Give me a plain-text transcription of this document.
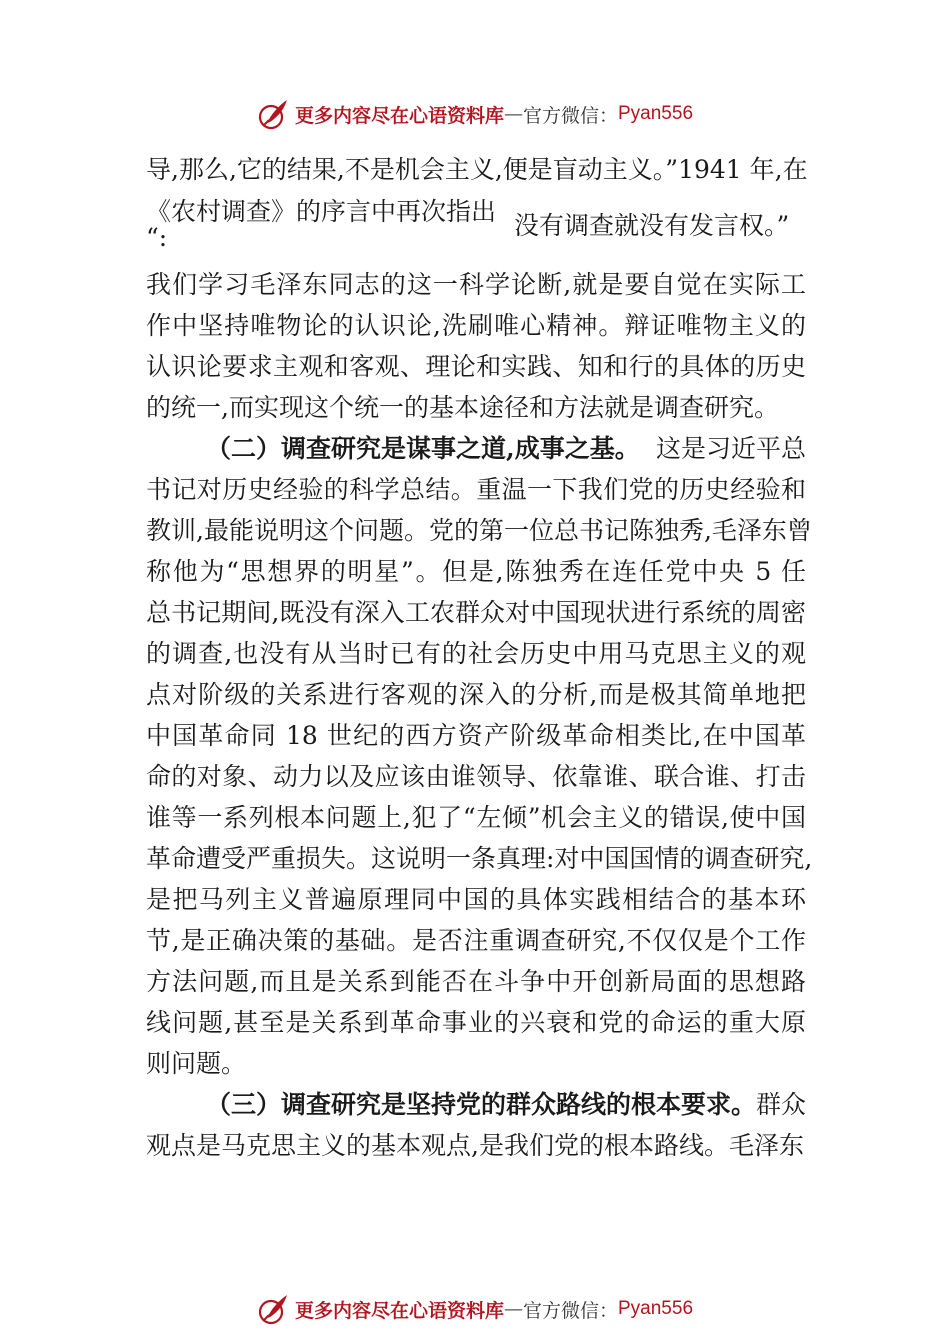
更多内容尽在心语资料库 — 官方微信： Pyan556
导,那么,它的结果,不是机会主义,便是盲动主义。”1941 年,在
《农村调查》的序言中再次指出
“:	没有调查就没有发言权。”
我们学习毛泽东同志的这一科学论断,就是要自觉在实际工
作中坚持唯物论的认识论,洗刷唯心精神。辩证唯物主义的
认识论要求主观和客观、理论和实践、知和行的具体的历史
的统一,而实现这个统一的基本途径和方法就是调查研究。
（二）调查研究是谋事之道,成事之基。 这是习近平总
书记对历史经验的科学总结。重温一下我们党的历史经验和
教训,最能说明这个问题。党的第一位总书记陈独秀,毛泽东曾
称他为“思想界的明星”。但是,陈独秀在连任党中央 5 任
总书记期间,既没有深入工农群众对中国现状进行系统的周密
的调查,也没有从当时已有的社会历史中用马克思主义的观
点对阶级的关系进行客观的深入的分析,而是极其简单地把
中国革命同 18 世纪的西方资产阶级革命相类比,在中国革
命的对象、动力以及应该由谁领导、依靠谁、联合谁、打击
谁等一系列根本问题上,犯了“左倾”机会主义的错误,使中国
革命遭受严重损失。这说明一条真理:对中国国情的调查研究,
是把马列主义普遍原理同中国的具体实践相结合的基本环
节,是正确决策的基础。是否注重调查研究,不仅仅是个工作
方法问题,而且是关系到能否在斗争中开创新局面的思想路
线问题,甚至是关系到革命事业的兴衰和党的命运的重大原
则问题。
（三）调查研究是坚持党的群众路线的根本要求。 群众
观点是马克思主义的基本观点,是我们党的根本路线。毛泽东
更多内容尽在心语资料库 — 官方微信： Pyan556
